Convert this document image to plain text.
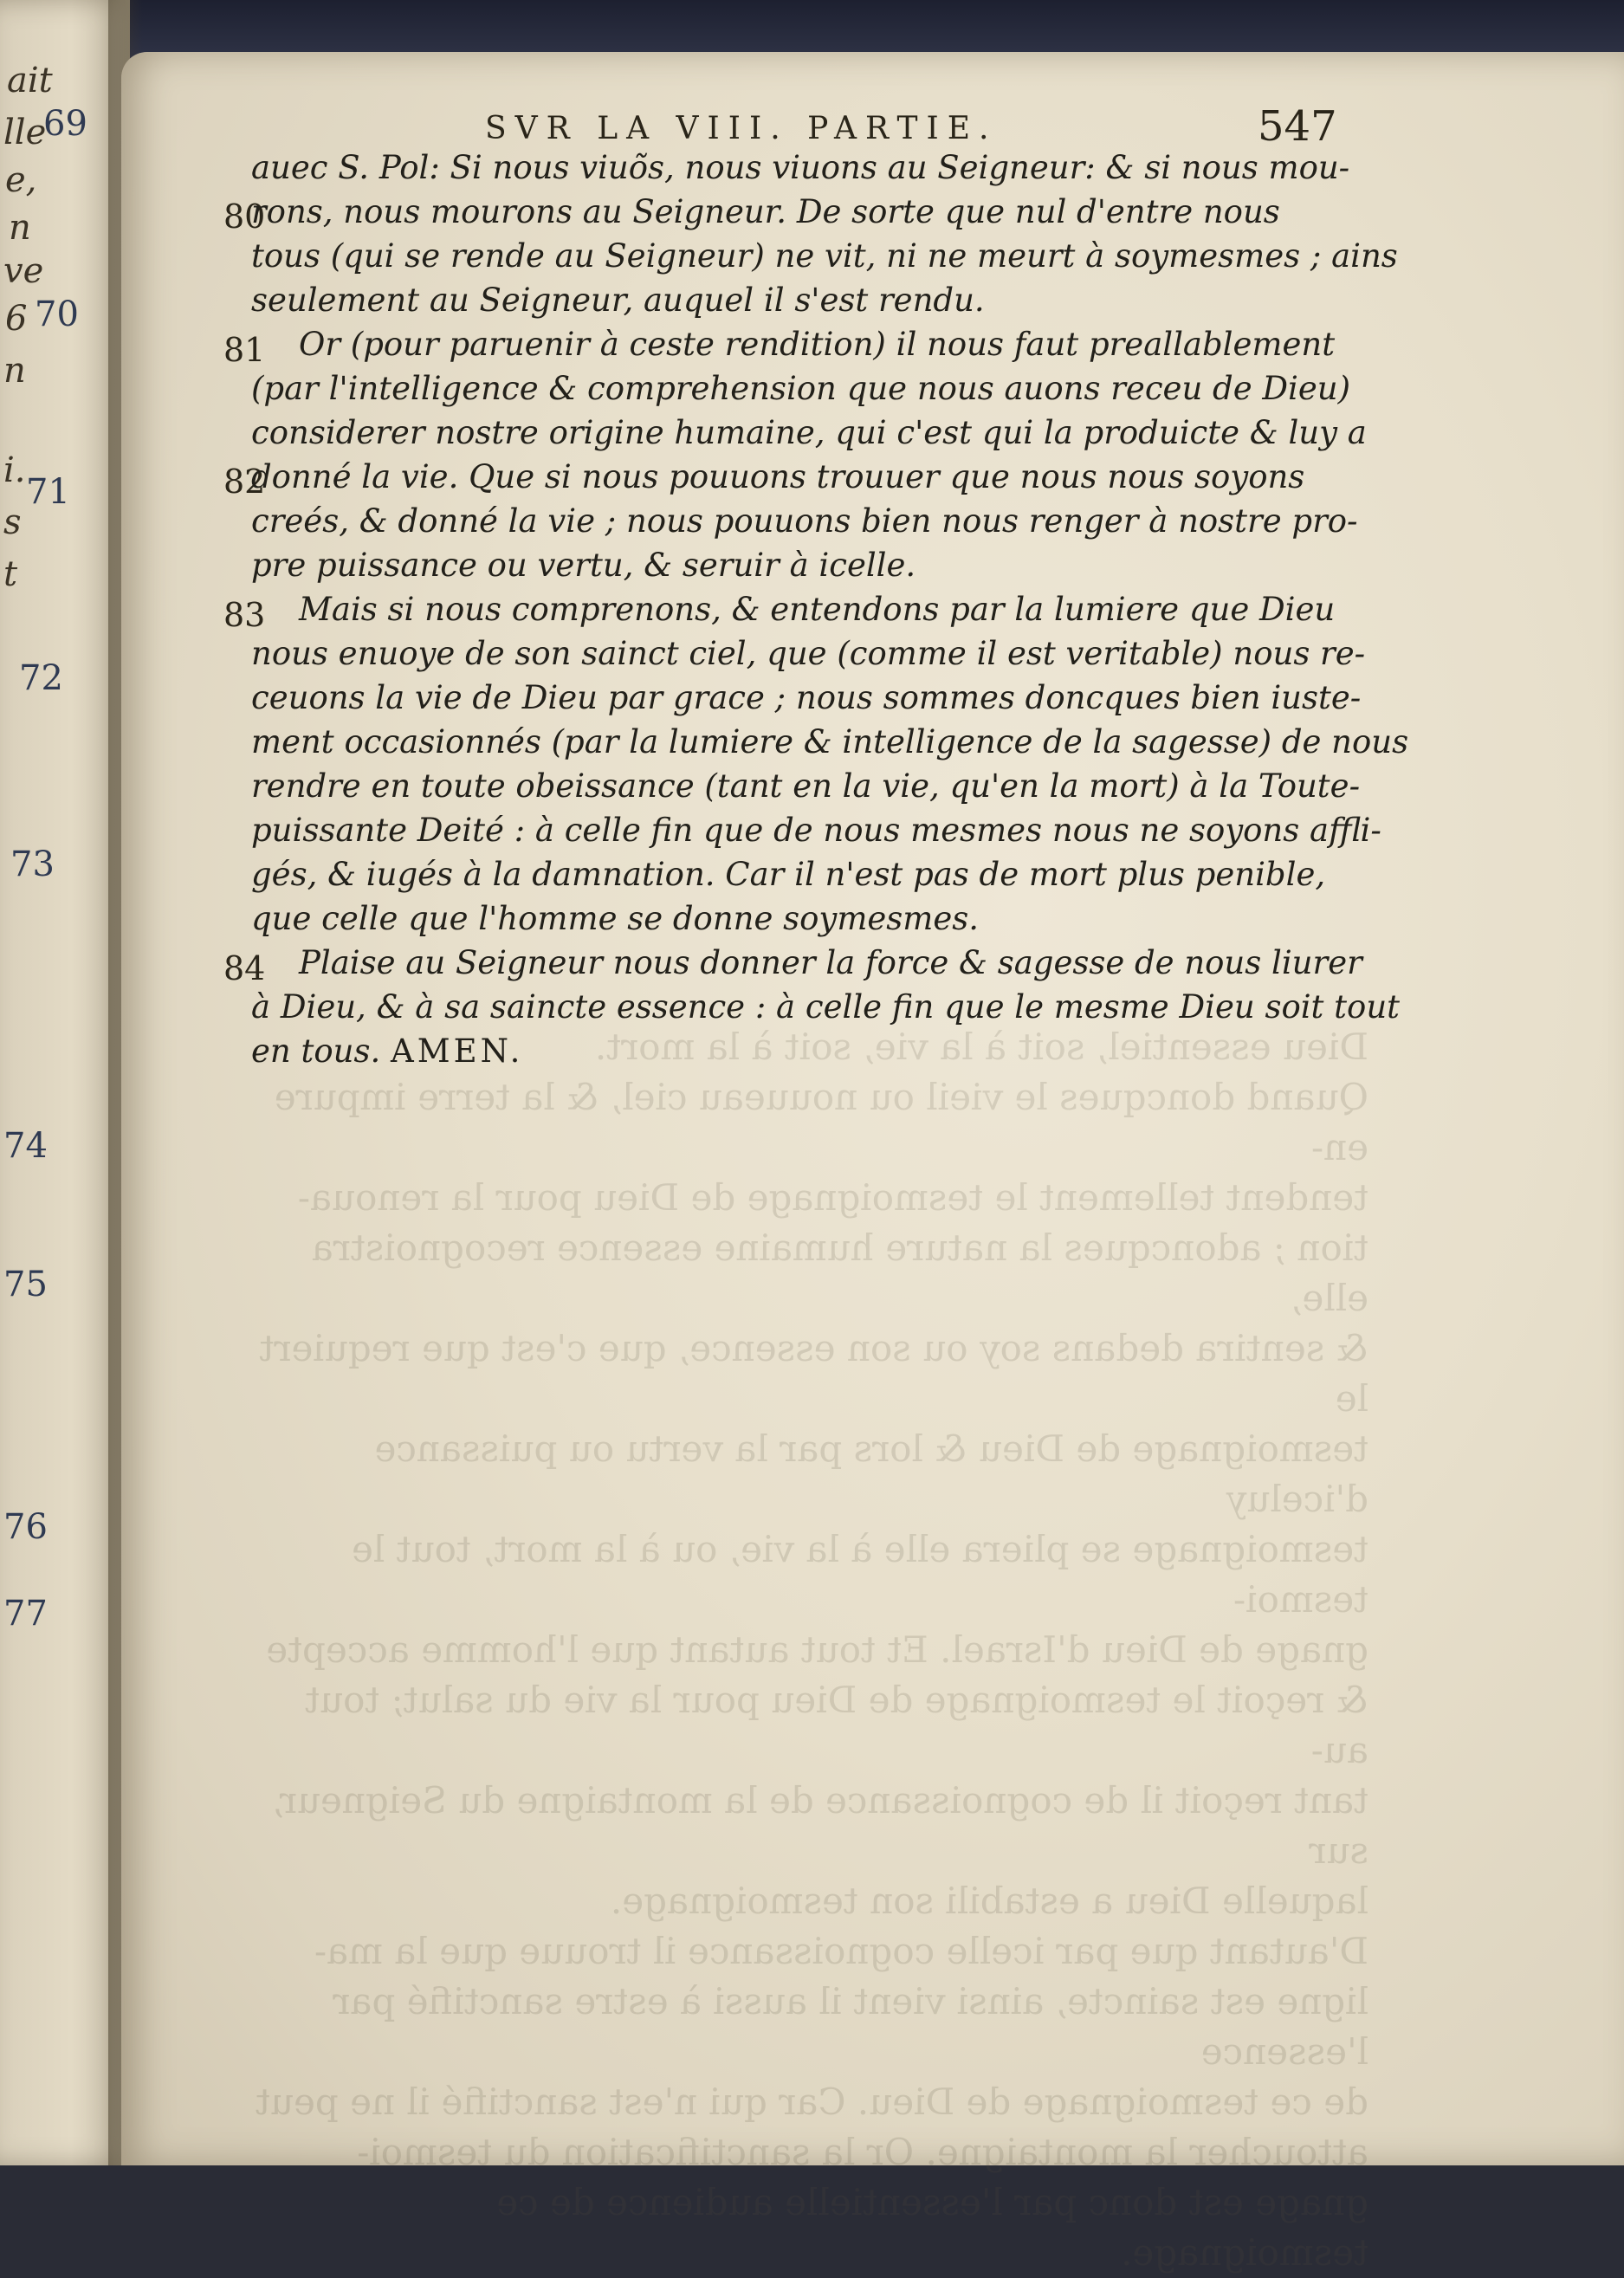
ait
lle
e,
n
ve
6
n
i.
s
t
69
70
71
72
73
74
75
76
77
Dieu essentiel, soit à la vie, soit à la mort.
Quand doncques le vieil ou nouueau ciel, & la terre impure en-
tendent tellement le tesmoignage de Dieu pour la renoua-
tion ; adoncques la nature humaine essence recognoistra elle,
& sentira dedans soy ou son essence, que c'est que requiert le
tesmoignage de Dieu & lors par la vertu ou puissance d'iceluy
tesmoignage se pliera elle à la vie, ou à la mort, tout le tesmoi-
gnage de Dieu d'Israel. Et tout autant que l'homme accepte
& reçoit le tesmoignage de Dieu pour la vie du salut; tout au-
tant reçoit il de cognoissance de la montaigne du Seigneur, sur
laquelle Dieu a estabili son tesmoignage.
D'autant que par icelle cognoissance il trouue que la ma-
ligne est saincte, ainsi vient il aussi à estre sanctifié par l'essence
de ce tesmoignage de Dieu. Car qui n'est sanctifié il ne peut
attoucher la montaigne. Or la sanctification du tesmoi-
gnage est donc par l'essentielle audience de ce tesmoignage.
SVR LA VIII. PARTIE.	547
80
81
82
83
84
auec S. Pol: Si nous viuõs, nous viuons au Seigneur: & si nous mou-
rons, nous mourons au Seigneur. De sorte que nul d'entre nous
tous (qui se rende au Seigneur) ne vit, ni ne meurt à soymesmes ; ains
seulement au Seigneur, auquel il s'est rendu.
Or (pour paruenir à ceste rendition) il nous faut preallablement
(par l'intelligence & comprehension que nous auons receu de Dieu)
considerer nostre origine humaine, qui c'est qui la produicte & luy a
donné la vie. Que si nous pouuons trouuer que nous nous soyons
creés, & donné la vie ; nous pouuons bien nous renger à nostre pro-
pre puissance ou vertu, & seruir à icelle.
Mais si nous comprenons, & entendons par la lumiere que Dieu
nous enuoye de son sainct ciel, que (comme il est veritable) nous re-
ceuons la vie de Dieu par grace ; nous sommes doncques bien iuste-
ment occasionnés (par la lumiere & intelligence de la sagesse) de nous
rendre en toute obeissance (tant en la vie, qu'en la mort) à la Toute-
puissante Deité : à celle fin que de nous mesmes nous ne soyons affli-
gés, & iugés à la damnation. Car il n'est pas de mort plus penible,
que celle que l'homme se donne soymesmes.
Plaise au Seigneur nous donner la force & sagesse de nous liurer
à Dieu, & à sa saincte essence : à celle fin que le mesme Dieu soit tout
en tous. AMEN.
